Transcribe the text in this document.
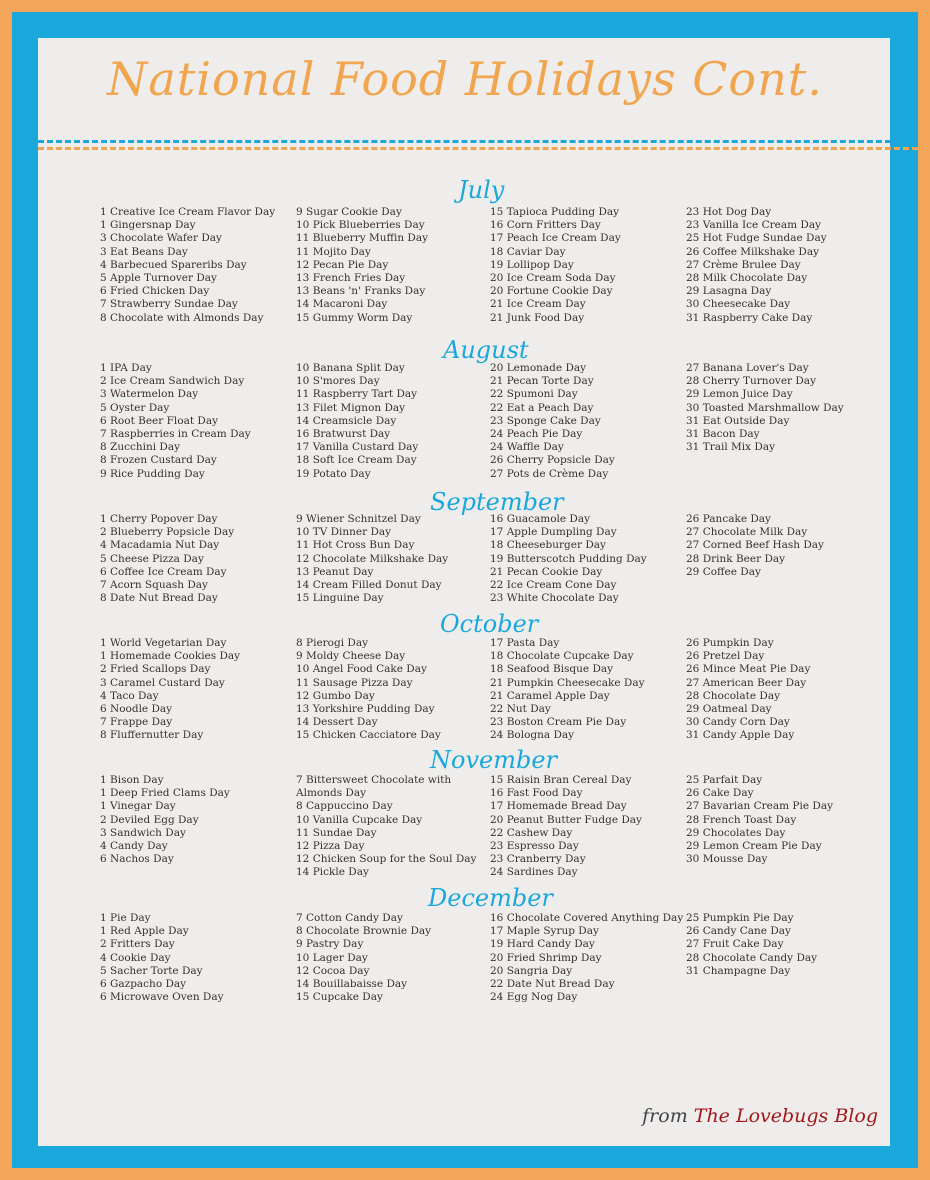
National Food Holidays Cont.
July
1 Creative Ice Cream Flavor Day
1 Gingersnap Day
3 Chocolate Wafer Day
3 Eat Beans Day
4 Barbecued Spareribs Day
5 Apple Turnover Day
6 Fried Chicken Day
7 Strawberry Sundae Day
8 Chocolate with Almonds Day
9 Sugar Cookie Day
10 Pick Blueberries Day
11 Blueberry Muffin Day
11 Mojito Day
12 Pecan Pie Day
13 French Fries Day
13 Beans 'n' Franks Day
14 Macaroni Day
15 Gummy Worm Day
15 Tapioca Pudding Day
16 Corn Fritters Day
17 Peach Ice Cream Day
18 Caviar Day
19 Lollipop Day
20 Ice Cream Soda Day
20 Fortune Cookie Day
21 Ice Cream Day
21 Junk Food Day
23 Hot Dog Day
23 Vanilla Ice Cream Day
25 Hot Fudge Sundae Day
26 Coffee Milkshake Day
27 Crème Brulee Day
28 Milk Chocolate Day
29 Lasagna Day
30 Cheesecake Day
31 Raspberry Cake Day
August
1 IPA Day
2 Ice Cream Sandwich Day
3 Watermelon Day
5 Oyster Day
6 Root Beer Float Day
7 Raspberries in Cream Day
8 Zucchini Day
8 Frozen Custard Day
9 Rice Pudding Day
10 Banana Split Day
10 S'mores Day
11 Raspberry Tart Day
13 Filet Mignon Day
14 Creamsicle Day
16 Bratwurst Day
17 Vanilla Custard Day
18 Soft Ice Cream Day
19 Potato Day
20 Lemonade Day
21 Pecan Torte Day
22 Spumoni Day
22 Eat a Peach Day
23 Sponge Cake Day
24 Peach Pie Day
24 Waffle Day
26 Cherry Popsicle Day
27 Pots de Crème Day
27 Banana Lover's Day
28 Cherry Turnover Day
29 Lemon Juice Day
30 Toasted Marshmallow Day
31 Eat Outside Day
31 Bacon Day
31 Trail Mix Day
September
1 Cherry Popover Day
2 Blueberry Popsicle Day
4 Macadamia Nut Day
5 Cheese Pizza Day
6 Coffee Ice Cream Day
7 Acorn Squash Day
8 Date Nut Bread Day
9 Wiener Schnitzel Day
10 TV Dinner Day
11 Hot Cross Bun Day
12 Chocolate Milkshake Day
13 Peanut Day
14 Cream Filled Donut Day
15 Linguine Day
16 Guacamole Day
17 Apple Dumpling Day
18 Cheeseburger Day
19 Butterscotch Pudding Day
21 Pecan Cookie Day
22 Ice Cream Cone Day
23 White Chocolate Day
26 Pancake Day
27 Chocolate Milk Day
27 Corned Beef Hash Day
28 Drink Beer Day
29 Coffee Day
October
1 World Vegetarian Day
1 Homemade Cookies Day
2 Fried Scallops Day
3 Caramel Custard Day
4 Taco Day
6 Noodle Day
7 Frappe Day
8 Fluffernutter Day
8 Pierogi Day
9 Moldy Cheese Day
10 Angel Food Cake Day
11 Sausage Pizza Day
12 Gumbo Day
13 Yorkshire Pudding Day
14 Dessert Day
15 Chicken Cacciatore Day
17 Pasta Day
18 Chocolate Cupcake Day
18 Seafood Bisque Day
21 Pumpkin Cheesecake Day
21 Caramel Apple Day
22 Nut Day
23 Boston Cream Pie Day
24 Bologna Day
26 Pumpkin Day
26 Pretzel Day
26 Mince Meat Pie Day
27 American Beer Day
28 Chocolate Day
29 Oatmeal Day
30 Candy Corn Day
31 Candy Apple Day
November
1 Bison Day
1 Deep Fried Clams Day
1 Vinegar Day
2 Deviled Egg Day
3 Sandwich Day
4 Candy Day
6 Nachos Day
7 Bittersweet Chocolate with
Almonds Day
8 Cappuccino Day
10 Vanilla Cupcake Day
11 Sundae Day
12 Pizza Day
12 Chicken Soup for the Soul Day
14 Pickle Day
15 Raisin Bran Cereal Day
16 Fast Food Day
17 Homemade Bread Day
20 Peanut Butter Fudge Day
22 Cashew Day
23 Espresso Day
23 Cranberry Day
24 Sardines Day
25 Parfait Day
26 Cake Day
27 Bavarian Cream Pie Day
28 French Toast Day
29 Chocolates Day
29 Lemon Cream Pie Day
30 Mousse Day
December
1 Pie Day
1 Red Apple Day
2 Fritters Day
4 Cookie Day
5 Sacher Torte Day
6 Gazpacho Day
6 Microwave Oven Day
7 Cotton Candy Day
8 Chocolate Brownie Day
9 Pastry Day
10 Lager Day
12 Cocoa Day
14 Bouillabaisse Day
15 Cupcake Day
16 Chocolate Covered Anything Day
17 Maple Syrup Day
19 Hard Candy Day
20 Fried Shrimp Day
20 Sangria Day
22 Date Nut Bread Day
24 Egg Nog Day
25 Pumpkin Pie Day
26 Candy Cane Day
27 Fruit Cake Day
28 Chocolate Candy Day
31 Champagne Day
from The Lovebugs Blog
